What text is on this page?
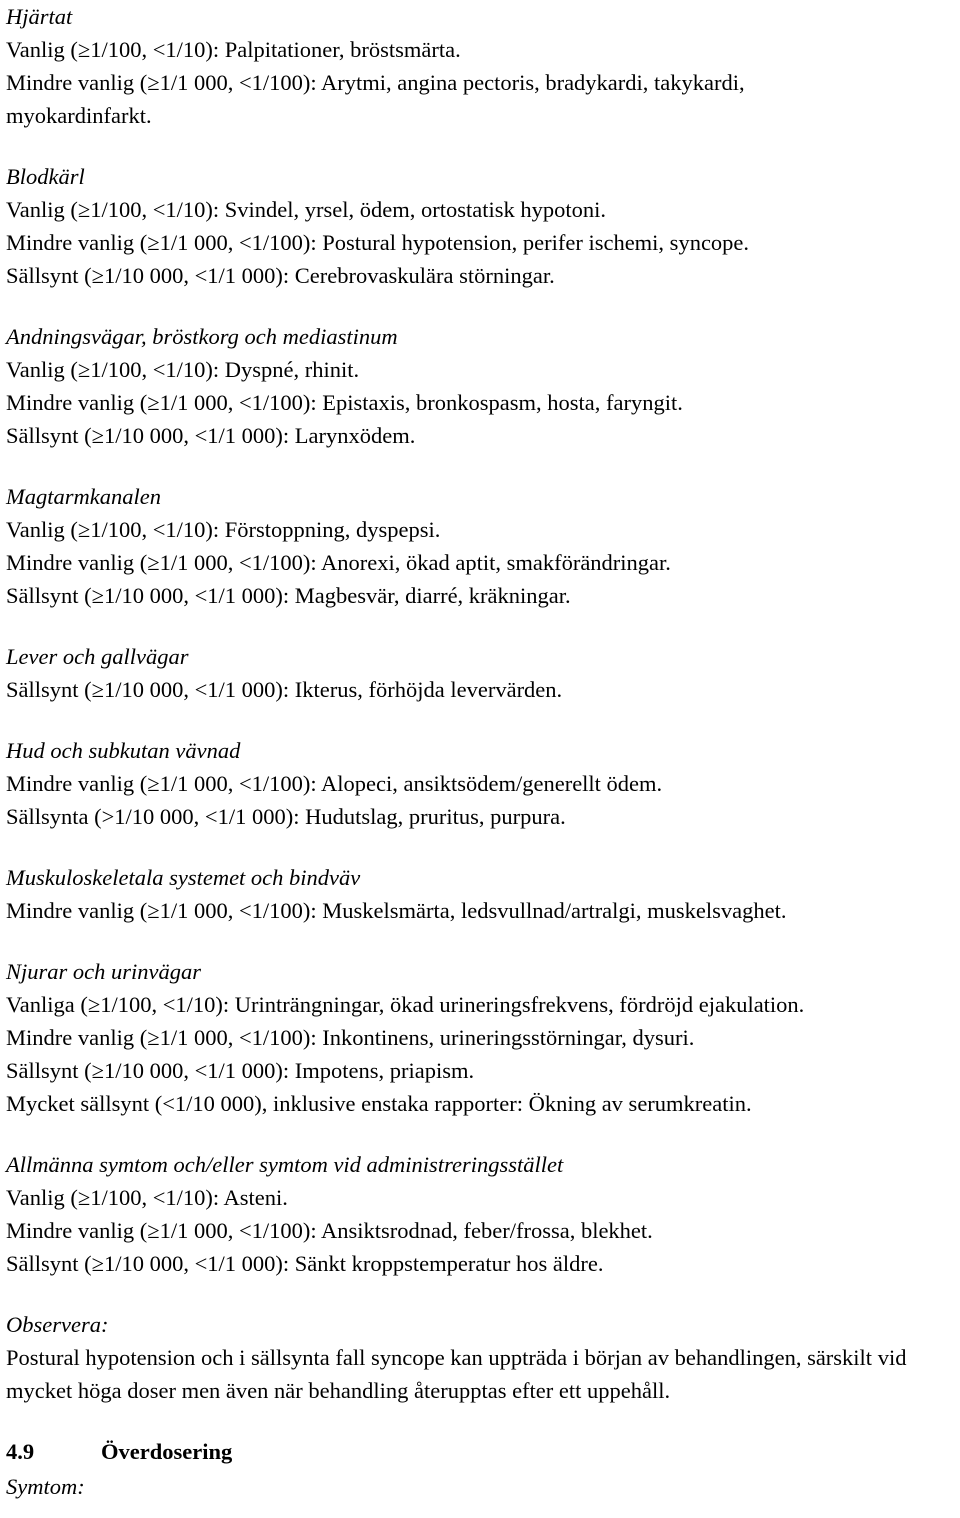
Hjärtat
Vanlig (≥1/100, <1/10): Palpitationer, bröstsmärta.
Mindre vanlig (≥1/1 000, <1/100): Arytmi, angina pectoris, bradykardi, takykardi,
myokardinfarkt.
Blodkärl
Vanlig (≥1/100, <1/10): Svindel, yrsel, ödem, ortostatisk hypotoni.
Mindre vanlig (≥1/1 000, <1/100): Postural hypotension, perifer ischemi, syncope.
Sällsynt (≥1/10 000, <1/1 000): Cerebrovaskulära störningar.
Andningsvägar, bröstkorg och mediastinum
Vanlig (≥1/100, <1/10): Dyspné, rhinit.
Mindre vanlig (≥1/1 000, <1/100): Epistaxis, bronkospasm, hosta, faryngit.
Sällsynt (≥1/10 000, <1/1 000): Larynxödem.
Magtarmkanalen
Vanlig (≥1/100, <1/10): Förstoppning, dyspepsi.
Mindre vanlig (≥1/1 000, <1/100): Anorexi, ökad aptit, smakförändringar.
Sällsynt (≥1/10 000, <1/1 000): Magbesvär, diarré, kräkningar.
Lever och gallvägar
Sällsynt (≥1/10 000, <1/1 000): Ikterus, förhöjda levervärden.
Hud och subkutan vävnad
Mindre vanlig (≥1/1 000, <1/100): Alopeci, ansiktsödem/generellt ödem.
Sällsynta (>1/10 000, <1/1 000): Hudutslag, pruritus, purpura.
Muskuloskeletala systemet och bindväv
Mindre vanlig (≥1/1 000, <1/100): Muskelsmärta, ledsvullnad/artralgi, muskelsvaghet.
Njurar och urinvägar
Vanliga (≥1/100, <1/10): Urinträngningar, ökad urineringsfrekvens, fördröjd ejakulation.
Mindre vanlig (≥1/1 000, <1/100): Inkontinens, urineringsstörningar, dysuri.
Sällsynt (≥1/10 000, <1/1 000): Impotens, priapism.
Mycket sällsynt (<1/10 000), inklusive enstaka rapporter: Ökning av serumkreatin.
Allmänna symtom och/eller symtom vid administreringsstället
Vanlig (≥1/100, <1/10): Asteni.
Mindre vanlig (≥1/1 000, <1/100): Ansiktsrodnad, feber/frossa, blekhet.
Sällsynt (≥1/10 000, <1/1 000): Sänkt kroppstemperatur hos äldre.
Observera:
Postural hypotension och i sällsynta fall syncope kan uppträda i början av behandlingen, särskilt vid mycket höga doser men även när behandling återupptas efter ett uppehåll.
4.9	Överdosering
Symtom:
